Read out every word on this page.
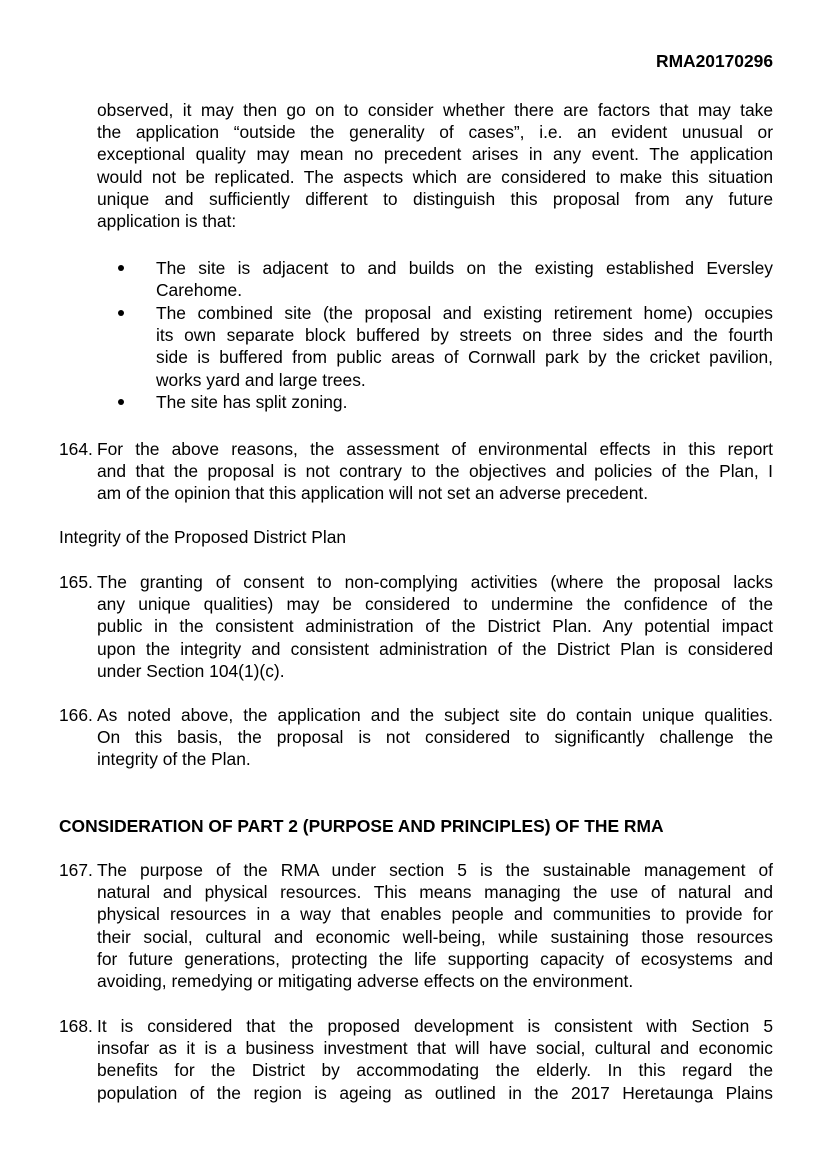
RMA20170296
observed, it may then go on to consider whether there are factors that may take
the application “outside the generality of cases”, i.e. an evident unusual or
exceptional quality may mean no precedent arises in any event. The application
would not be replicated. The aspects which are considered to make this situation
unique and sufficiently different to distinguish this proposal from any future
application is that:
The site is adjacent to and builds on the existing established Eversley
Carehome.
The combined site (the proposal and existing retirement home) occupies
its own separate block buffered by streets on three sides and the fourth
side is buffered from public areas of Cornwall park by the cricket pavilion,
works yard and large trees.
The site has split zoning.
164. For the above reasons, the assessment of environmental effects in this report
and that the proposal is not contrary to the objectives and policies of the Plan, I
am of the opinion that this application will not set an adverse precedent.
Integrity of the Proposed District Plan
165. The granting of consent to non-complying activities (where the proposal lacks
any unique qualities) may be considered to undermine the confidence of the
public in the consistent administration of the District Plan. Any potential impact
upon the integrity and consistent administration of the District Plan is considered
under Section 104(1)(c).
166. As noted above, the application and the subject site do contain unique qualities.
On this basis, the proposal is not considered to significantly challenge the
integrity of the Plan.
CONSIDERATION OF PART 2 (PURPOSE AND PRINCIPLES) OF THE RMA
167. The purpose of the RMA under section 5 is the sustainable management of
natural and physical resources. This means managing the use of natural and
physical resources in a way that enables people and communities to provide for
their social, cultural and economic well-being, while sustaining those resources
for future generations, protecting the life supporting capacity of ecosystems and
avoiding, remedying or mitigating adverse effects on the environment.
168. It is considered that the proposed development is consistent with Section 5
insofar as it is a business investment that will have social, cultural and economic
benefits for the District by accommodating the elderly. In this regard the
population of the region is ageing as outlined in the 2017 Heretaunga Plains
